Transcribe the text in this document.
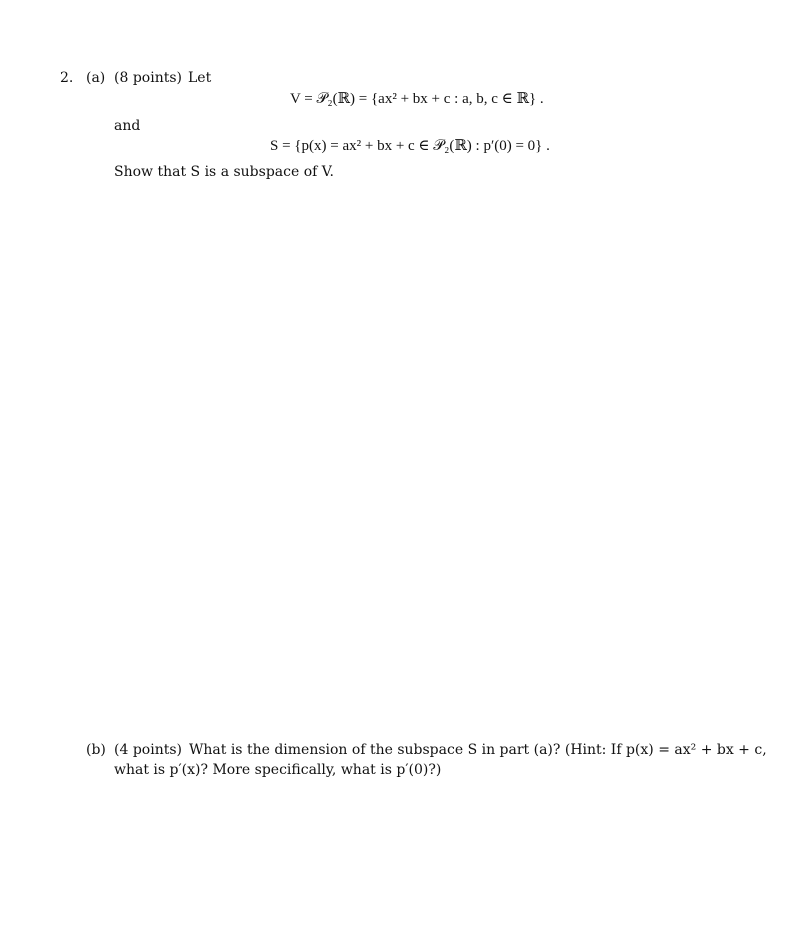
2. (a) (8 points) Let
V = 𝒫₂(ℝ) = {ax² + bx + c : a, b, c ∈ ℝ} .
and
S = {p(x) = ax² + bx + c ∈ 𝒫₂(ℝ) : p′(0) = 0} .
Show that S is a subspace of V.
(b) (4 points) What is the dimension of the subspace S in part (a)? (Hint: If p(x) = ax² + bx + c,
what is p′(x)? More specifically, what is p′(0)?)
